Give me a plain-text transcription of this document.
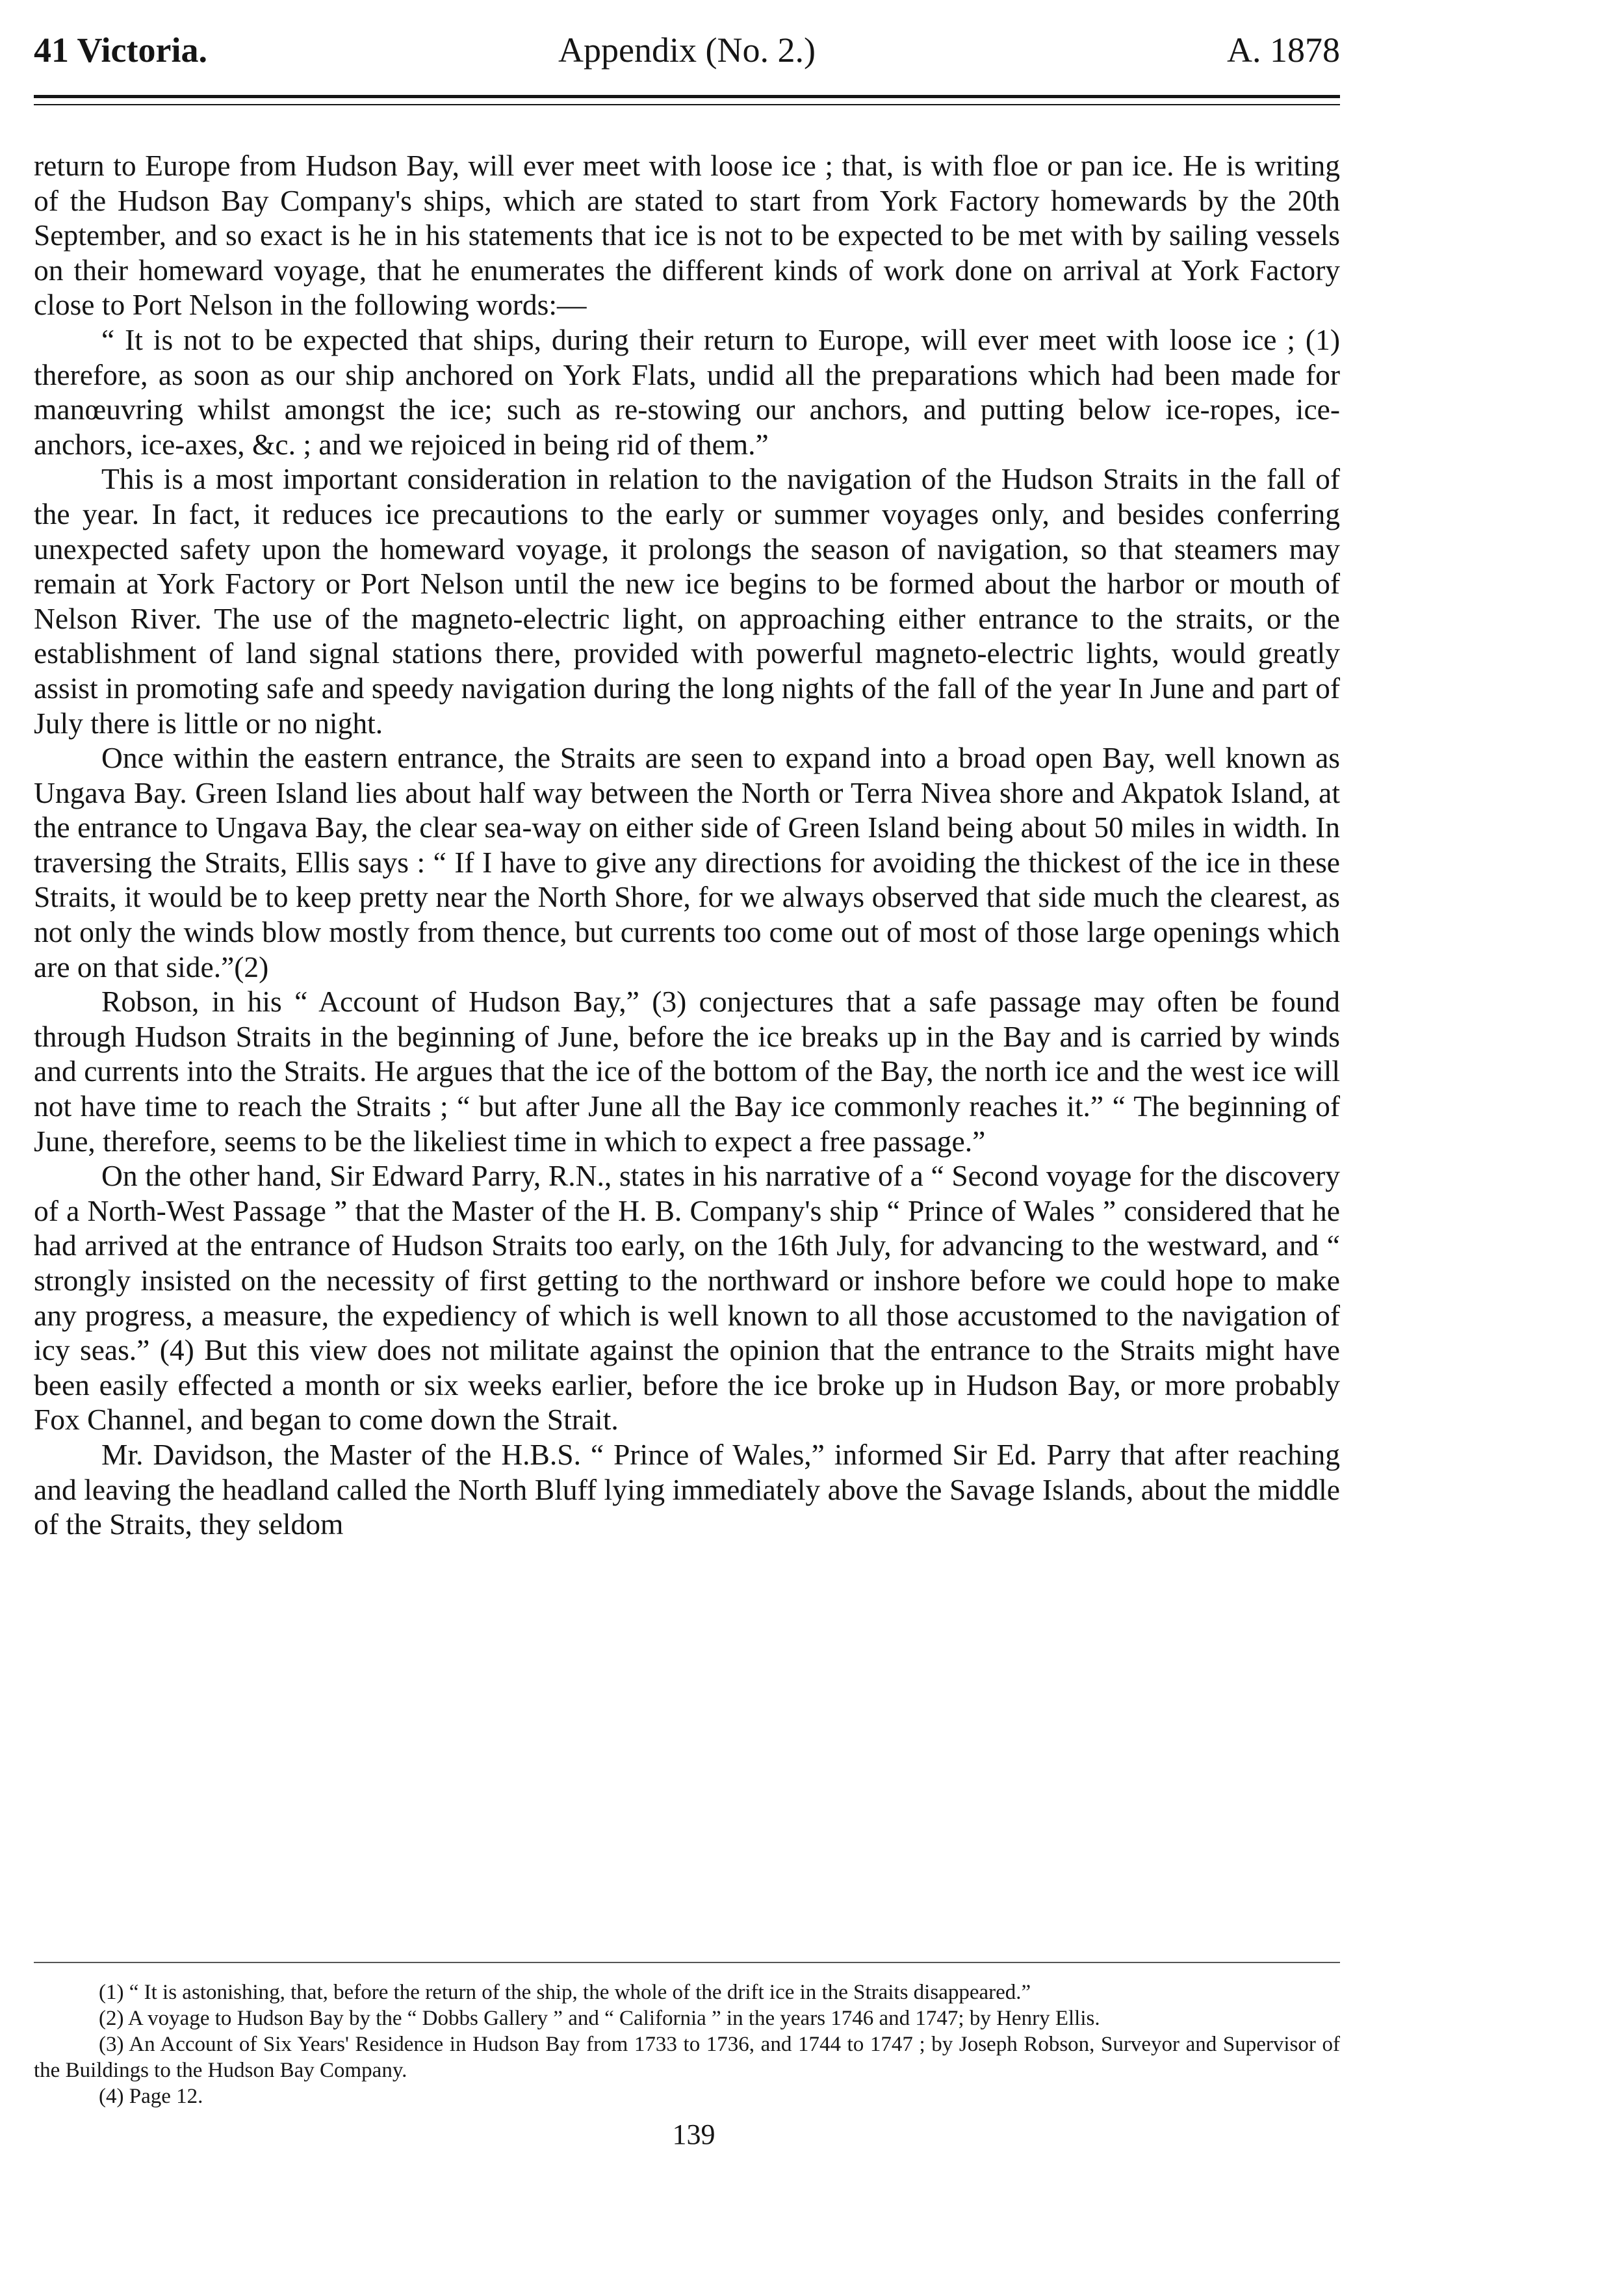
41 Victoria.	Appendix (No. 2.)	A. 1878

return to Europe from Hudson Bay, will ever meet with loose ice ; that, is with floe or pan ice. He is writing of the Hudson Bay Company's ships, which are stated to start from York Factory homewards by the 20th September, and so exact is he in his statements that ice is not to be expected to be met with by sailing vessels on their homeward voyage, that he enumerates the different kinds of work done on arrival at York Factory close to Port Nelson in the following words:—

“ It is not to be expected that ships, during their return to Europe, will ever meet with loose ice ; (1) therefore, as soon as our ship anchored on York Flats, undid all the preparations which had been made for manœuvring whilst amongst the ice; such as re-stowing our anchors, and putting below ice-ropes, ice-anchors, ice-axes, &c. ; and we rejoiced in being rid of them.”

This is a most important consideration in relation to the navigation of the Hudson Straits in the fall of the year. In fact, it reduces ice precautions to the early or summer voyages only, and besides conferring unexpected safety upon the homeward voyage, it prolongs the season of navigation, so that steamers may remain at York Factory or Port Nelson until the new ice begins to be formed about the harbor or mouth of Nelson River. The use of the magneto-electric light, on approaching either entrance to the straits, or the establishment of land signal stations there, provided with powerful magneto-electric lights, would greatly assist in promoting safe and speedy navigation during the long nights of the fall of the year In June and part of July there is little or no night.

Once within the eastern entrance, the Straits are seen to expand into a broad open Bay, well known as Ungava Bay. Green Island lies about half way between the North or Terra Nivea shore and Akpatok Island, at the entrance to Ungava Bay, the clear sea-way on either side of Green Island being about 50 miles in width. In traversing the Straits, Ellis says : “ If I have to give any directions for avoiding the thickest of the ice in these Straits, it would be to keep pretty near the North Shore, for we always observed that side much the clearest, as not only the winds blow mostly from thence, but currents too come out of most of those large openings which are on that side.”(2)

Robson, in his “ Account of Hudson Bay,” (3) conjectures that a safe passage may often be found through Hudson Straits in the beginning of June, before the ice breaks up in the Bay and is carried by winds and currents into the Straits. He argues that the ice of the bottom of the Bay, the north ice and the west ice will not have time to reach the Straits ; “ but after June all the Bay ice commonly reaches it.” “ The beginning of June, therefore, seems to be the likeliest time in which to expect a free passage.”

On the other hand, Sir Edward Parry, R.N., states in his narrative of a “ Second voyage for the discovery of a North-West Passage ” that the Master of the H. B. Company's ship “ Prince of Wales ” considered that he had arrived at the entrance of Hudson Straits too early, on the 16th July, for advancing to the westward, and “ strongly insisted on the necessity of first getting to the northward or inshore before we could hope to make any progress, a measure, the expediency of which is well known to all those accustomed to the navigation of icy seas.” (4) But this view does not militate against the opinion that the entrance to the Straits might have been easily effected a month or six weeks earlier, before the ice broke up in Hudson Bay, or more probably Fox Channel, and began to come down the Strait.

Mr. Davidson, the Master of the H.B.S. “ Prince of Wales,” informed Sir Ed. Parry that after reaching and leaving the headland called the North Bluff lying immediately above the Savage Islands, about the middle of the Straits, they seldom

(1) “ It is astonishing, that, before the return of the ship, the whole of the drift ice in the Straits disappeared.”

(2) A voyage to Hudson Bay by the “ Dobbs Gallery ” and “ California ” in the years 1746 and 1747; by Henry Ellis.

(3) An Account of Six Years' Residence in Hudson Bay from 1733 to 1736, and 1744 to 1747 ; by Joseph Robson, Surveyor and Supervisor of the Buildings to the Hudson Bay Company.

(4) Page 12.

139
